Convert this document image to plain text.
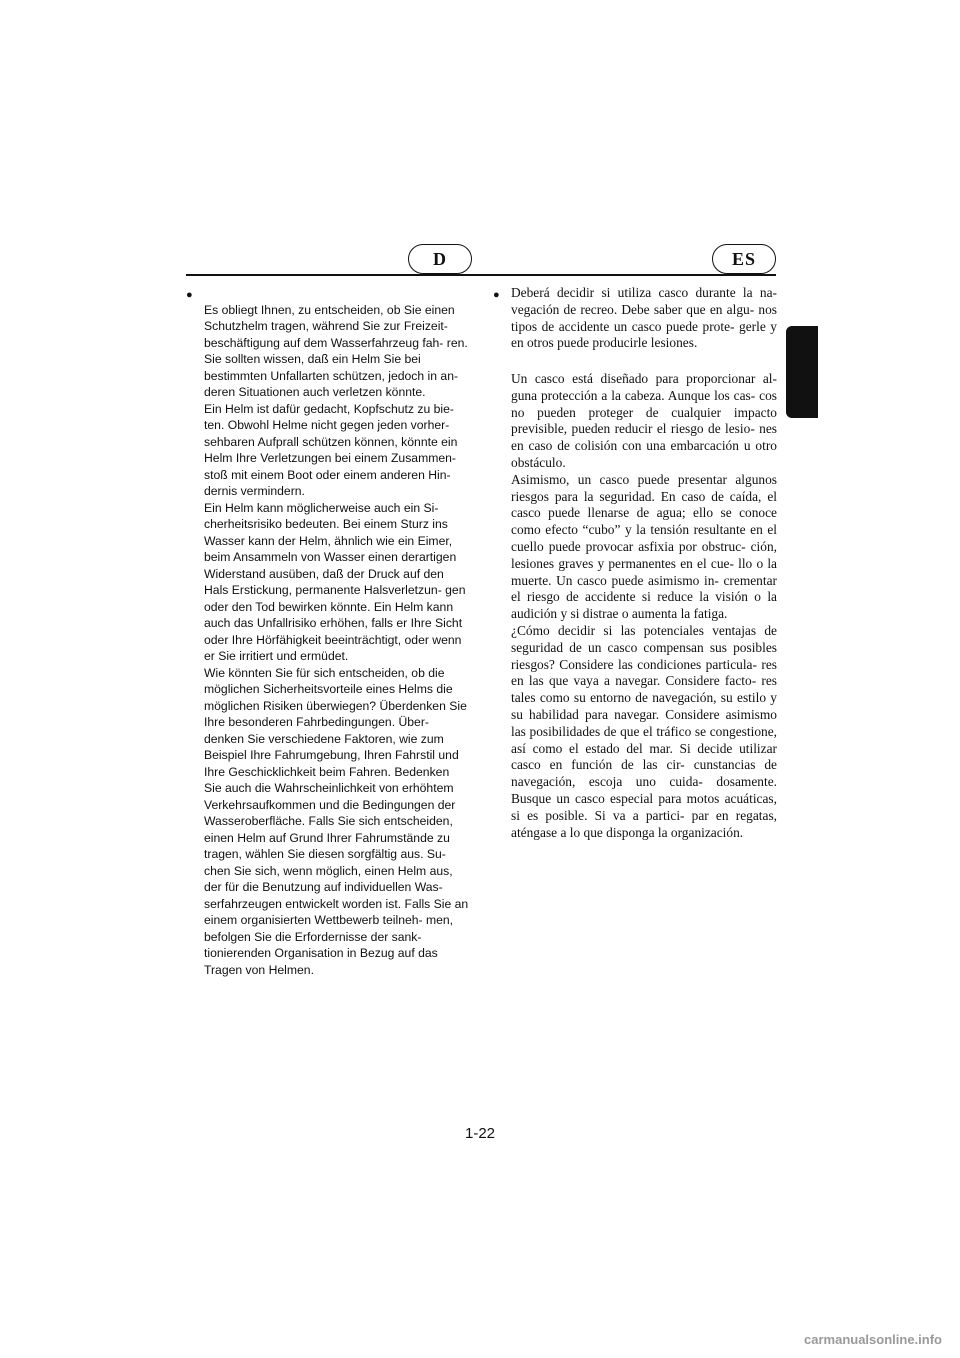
D	ES

●
Es obliegt Ihnen, zu entscheiden, ob Sie einen Schutzhelm tragen, während Sie zur Freizeit- beschäftigung auf dem Wasserfahrzeug fah- ren. Sie sollten wissen, daß ein Helm Sie bei bestimmten Unfallarten schützen, jedoch in an- deren Situationen auch verletzen könnte.
Ein Helm ist dafür gedacht, Kopfschutz zu bie- ten. Obwohl Helme nicht gegen jeden vorher- sehbaren Aufprall schützen können, könnte ein Helm Ihre Verletzungen bei einem Zusammen- stoß mit einem Boot oder einem anderen Hin- dernis vermindern.
Ein Helm kann möglicherweise auch ein Si- cherheitsrisiko bedeuten. Bei einem Sturz ins Wasser kann der Helm, ähnlich wie ein Eimer, beim Ansammeln von Wasser einen derartigen Widerstand ausüben, daß der Druck auf den Hals Erstickung, permanente Halsverletzun- gen oder den Tod bewirken könnte. Ein Helm kann auch das Unfallrisiko erhöhen, falls er Ihre Sicht oder Ihre Hörfähigkeit beeinträchtigt, oder wenn er Sie irritiert und ermüdet.
Wie könnten Sie für sich entscheiden, ob die möglichen Sicherheitsvorteile eines Helms die möglichen Risiken überwiegen? Überdenken Sie Ihre besonderen Fahrbedingungen. Über- denken Sie verschiedene Faktoren, wie zum Beispiel Ihre Fahrumgebung, Ihren Fahrstil und Ihre Geschicklichkeit beim Fahren. Bedenken Sie auch die Wahrscheinlichkeit von erhöhtem Verkehrsaufkommen und die Bedingungen der Wasseroberfläche. Falls Sie sich entscheiden, einen Helm auf Grund Ihrer Fahrumstände zu tragen, wählen Sie diesen sorgfältig aus. Su- chen Sie sich, wenn möglich, einen Helm aus, der für die Benutzung auf individuellen Was- serfahrzeugen entwickelt worden ist. Falls Sie an einem organisierten Wettbewerb teilneh- men, befolgen Sie die Erfordernisse der sank- tionierenden Organisation in Bezug auf das Tragen von Helmen.

● Deberá decidir si utiliza casco durante la na- vegación de recreo. Debe saber que en algu- nos tipos de accidente un casco puede prote- gerle y en otros puede producirle lesiones.

Un casco está diseñado para proporcionar al- guna protección a la cabeza. Aunque los cas- cos no pueden proteger de cualquier impacto previsible, pueden reducir el riesgo de lesio- nes en caso de colisión con una embarcación u otro obstáculo.
Asimismo, un casco puede presentar algunos riesgos para la seguridad. En caso de caída, el casco puede llenarse de agua; ello se conoce como efecto “cubo” y la tensión resultante en el cuello puede provocar asfixia por obstruc- ción, lesiones graves y permanentes en el cue- llo o la muerte. Un casco puede asimismo in- crementar el riesgo de accidente si reduce la visión o la audición y si distrae o aumenta la fatiga.
¿Cómo decidir si las potenciales ventajas de seguridad de un casco compensan sus posibles riesgos? Considere las condiciones particula- res en las que vaya a navegar. Considere facto- res tales como su entorno de navegación, su estilo y su habilidad para navegar. Considere asimismo las posibilidades de que el tráfico se congestione, así como el estado del mar. Si decide utilizar casco en función de las cir- cunstancias de navegación, escoja uno cuida- dosamente. Busque un casco especial para motos acuáticas, si es posible. Si va a partici- par en regatas, aténgase a lo que disponga la organización.

1-22
carmanualsonline.info
